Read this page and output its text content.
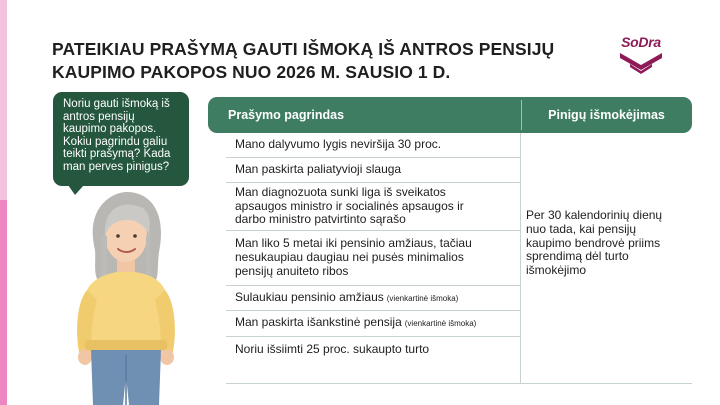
PATEIKIAU PRAŠYMĄ GAUTI IŠMOKĄ IŠ ANTROS PENSIJŲ
KAUPIMO PAKOPOS NUO 2026 M. SAUSIO 1 D.
SoDra
Noriu gauti išmoką iš
antros pensijų
kaupimo pakopos.
Kokiu pagrindu galiu
teikti prašymą? Kada
man perves pinigus?
Prašymo pagrindas	Pinigų išmokėjimas
Mano dalyvumo lygis neviršija 30 proc.
Man paskirta paliatyvioji slauga
Man diagnozuota sunki liga iš sveikatos
apsaugos ministro ir socialinės apsaugos ir
darbo ministro patvirtinto sąrašo
Man liko 5 metai iki pensinio amžiaus, tačiau
nesukaupiau daugiau nei pusės minimalios
pensijų anuiteto ribos
Sulaukiau pensinio amžiaus (vienkartinė išmoka)
Man paskirta išankstinė pensija (vienkartinė išmoka)
Noriu išsiimti 25 proc. sukaupto turto
Per 30 kalendorinių dienų
nuo tada, kai pensijų
kaupimo bendrovė priims
sprendimą dėl turto
išmokėjimo
